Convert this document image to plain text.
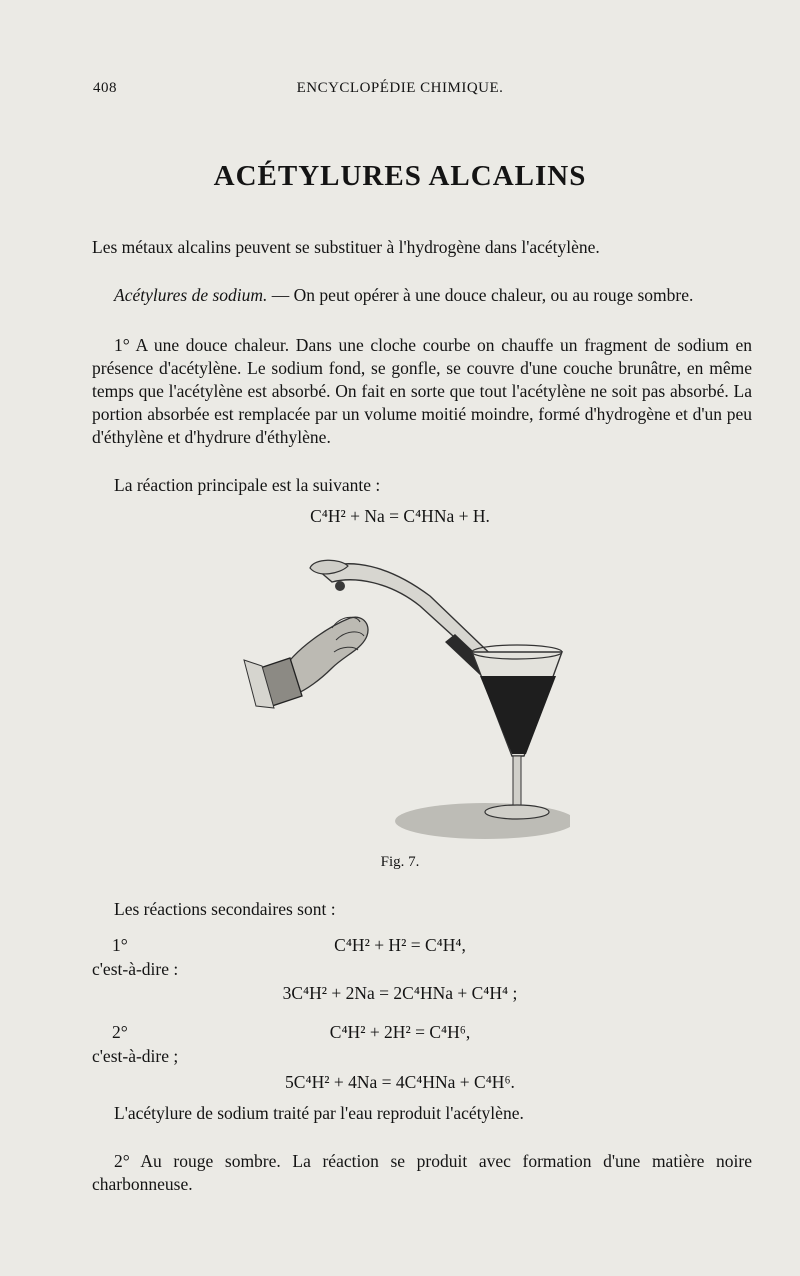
408	ENCYCLOPÉDIE CHIMIQUE.
ACÉTYLURES ALCALINS
Les métaux alcalins peuvent se substituer à l'hydrogène dans l'acétylène.
Acétylures de sodium. — On peut opérer à une douce chaleur, ou au rouge sombre.
1° A une douce chaleur. Dans une cloche courbe on chauffe un fragment de sodium en présence d'acétylène. Le sodium fond, se gonfle, se couvre d'une couche brunâtre, en même temps que l'acétylène est absorbé. On fait en sorte que tout l'acétylène ne soit pas absorbé. La portion absorbée est remplacée par un volume moitié moindre, formé d'hydrogène et d'un peu d'éthylène et d'hydrure d'éthylène.
La réaction principale est la suivante :
C⁴H² + Na = C⁴HNa + H.
Fig. 7.
Les réactions secondaires sont :
1°	C⁴H² + H² = C⁴H⁴,
c'est-à-dire :
3C⁴H² + 2Na = 2C⁴HNa + C⁴H⁴ ;
2°	C⁴H² + 2H² = C⁴H⁶,
c'est-à-dire ;
5C⁴H² + 4Na = 4C⁴HNa + C⁴H⁶.
L'acétylure de sodium traité par l'eau reproduit l'acétylène.
2° Au rouge sombre. La réaction se produit avec formation d'une matière noire charbonneuse.
